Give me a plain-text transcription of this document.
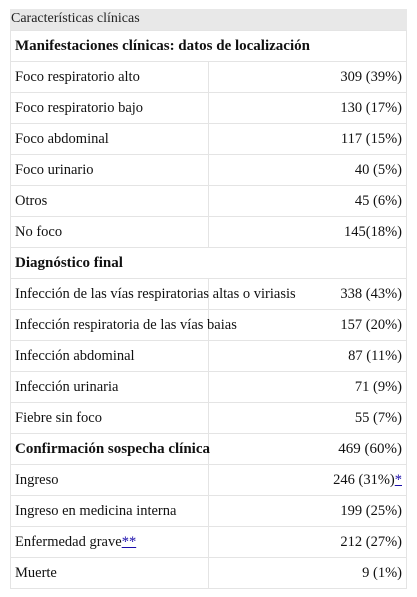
Características clínicas
Manifestaciones clínicas: datos de localización	
Foco respiratorio alto	309 (39%)
Foco respiratorio bajo	130 (17%)
Foco abdominal	117 (15%)
Foco urinario	40 (5%)
Otros	45 (6%)
No foco	145(18%)
Diagnóstico final	
Infección de las vías respiratorias altas o viriasis	338 (43%)
Infección respiratoria de las vías baias	157 (20%)
Infección abdominal	87 (11%)
Infección urinaria	71 (9%)
Fiebre sin foco	55 (7%)
Confirmación sospecha clínica	469 (60%)
Ingreso	246 (31%)*
Ingreso en medicina interna	199 (25%)
Enfermedad grave**	212 (27%)
Muerte	9 (1%)
